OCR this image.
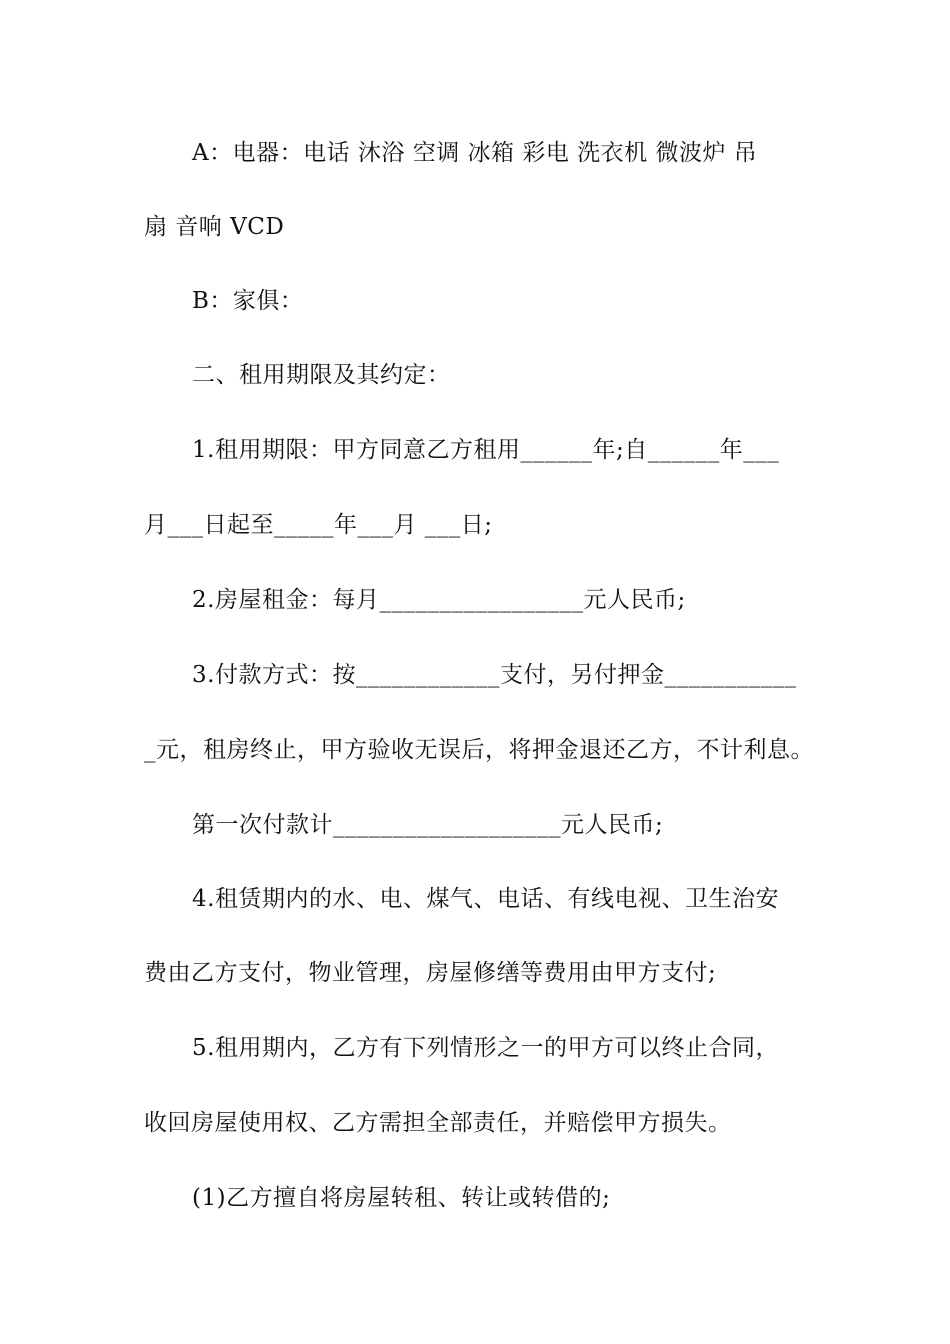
A：电器：电话 沐浴 空调 冰箱 彩电 洗衣机 微波炉 吊
扇 音响 VCD
B：家俱：
二、租用期限及其约定：
1.租用期限：甲方同意乙方租用______年;自______年___
月___日起至_____年___月 ___日;
2.房屋租金：每月_________________元人民币;
3.付款方式：按____________支付，另付押金___________
_元，租房终止，甲方验收无误后，将押金退还乙方，不计利息。
第一次付款计___________________元人民币;
4.租赁期内的水、电、煤气、电话、有线电视、卫生治安
费由乙方支付，物业管理，房屋修缮等费用由甲方支付;
5.租用期内，乙方有下列情形之一的甲方可以终止合同，
收回房屋使用权、乙方需担全部责任，并赔偿甲方损失。
(1)乙方擅自将房屋转租、转让或转借的;
